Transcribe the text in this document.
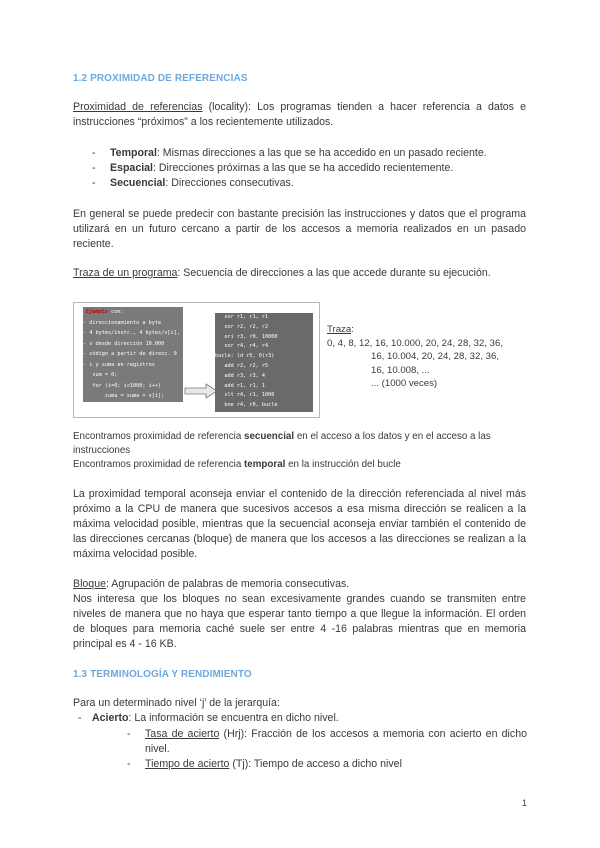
1.2 PROXIMIDAD DE REFERENCIAS
Proximidad de referencias (locality): Los programas tienden a hacer referencia a datos e instrucciones “próximos” a los recientemente utilizados.
- Temporal: Mismas direcciones a las que se ha accedido en un pasado reciente.
- Espacial: Direcciones próximas a las que se ha accedido recientemente.
- Secuencial: Direcciones consecutivas.
En general se puede predecir con bastante precisión las instrucciones y datos que el programa utilizará en un futuro cercano a partir de los accesos a memoria realizados en un pasado reciente.
Traza de un programa: Secuencia de direcciones a las que accede durante su ejecución.
Ejemplo con:
- direccionamiento a byte
- 4 bytes/instr., 4 bytes/v[i],
- v desde dirección 10.000
- código a partir de direcc. 0
- i y suma en registros
sum = 0;
for (i=0; i<1000; i++)
suma = suma + v[i];
xor r1, r1, r1
xor r2, r2, r2
ori r3, r0, 10000
xor r4, r4, r4
bucle: ld r5, 0(r3)
add r2, r2, r5
add r3, r3, 4
add r1, r1, 1
slt r4, r1, 1000
bne r4, r0, bucle
Traza:
0, 4, 8, 12, 16, 10.000, 20, 24, 28, 32, 36,
16, 10.004, 20, 24, 28, 32, 36,
16, 10.008, ...
... (1000 veces)
Encontramos proximidad de referencia secuencial en el acceso a los datos y en el acceso a las instrucciones
Encontramos proximidad de referencia temporal en la instrucción del bucle
La proximidad temporal aconseja enviar el contenido de la dirección referenciada al nivel más próximo a la CPU de manera que sucesivos accesos a esa misma dirección se realicen a la máxima velocidad posible, mientras que la secuencial aconseja enviar también el contenido de las direcciones cercanas (bloque) de manera que los accesos a las direcciones se realizan a la máxima velocidad posible.
Bloque: Agrupación de palabras de memoria consecutivas.
Nos interesa que los bloques no sean excesivamente grandes cuando se transmiten entre niveles de manera que no haya que esperar tanto tiempo a que llegue la información. El orden de bloques para memoria caché suele ser entre 4 -16 palabras mientras que en memoria principal es 4 - 16 KB.
1.3 TERMINOLOGÍA Y RENDIMIENTO
Para un determinado nivel ‘j’ de la jerarquía:
- Acierto: La información se encuentra en dicho nivel.
- Tasa de acierto (Hrj): Fracción de los accesos a memoria con acierto en dicho nivel.
- Tiempo de acierto (Tj): Tiempo de acceso a dicho nivel
1
